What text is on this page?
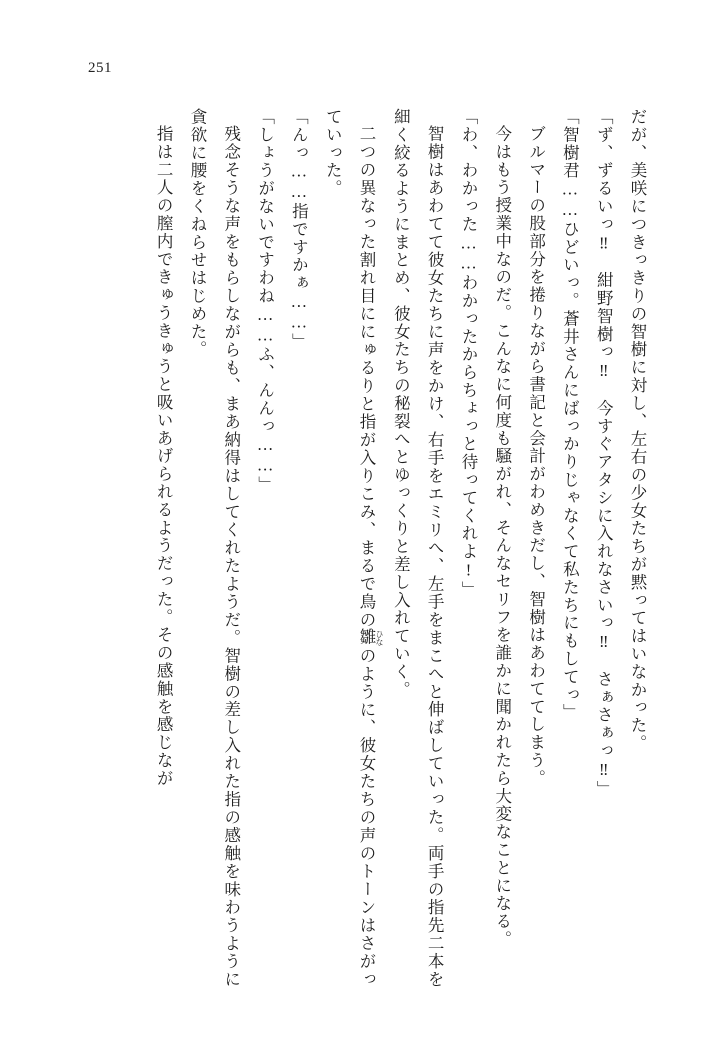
251

だが、美咲につきっきりの智樹に対し、左右の少女たちが黙ってはいなかった。

「ず、ずるいっ‼　紺野智樹っ‼　今すぐアタシに入れなさいっ‼　さぁさぁっ‼」

「智樹君……ひどいっ。蒼井さんにばっかりじゃなくて私たちにもしてっ」

ブルマーの股部分を捲りながら書記と会計がわめきだし、智樹はあわててしまう。

今はもう授業中なのだ。こんなに何度も騒がれ、そんなセリフを誰かに聞かれたら大変なことになる。

「わ、わかった……わかったからちょっと待ってくれよ!」

智樹はあわてて彼女たちに声をかけ、右手をエミリへ、左手をまこへと伸ばしていった。両手の指先二本を細く絞るようにまとめ、彼女たちの秘裂へとゆっくりと差し入れていく。

二つの異なった割れ目ににゅるりと指が入りこみ、まるで鳥の雛 ひなのように、彼女たちの声のトーンはさがっていった。

「んっ……指ですかぁ……」

「しょうがないですわね……ふ、んんっ……」

残念そうな声をもらしながらも、まあ納得はしてくれたようだ。智樹の差し入れた指の感触を味わうように貪欲に腰をくねらせはじめた。

指は二人の膣内できゅうきゅうと吸いあげられるようだった。その感触を感じなが
